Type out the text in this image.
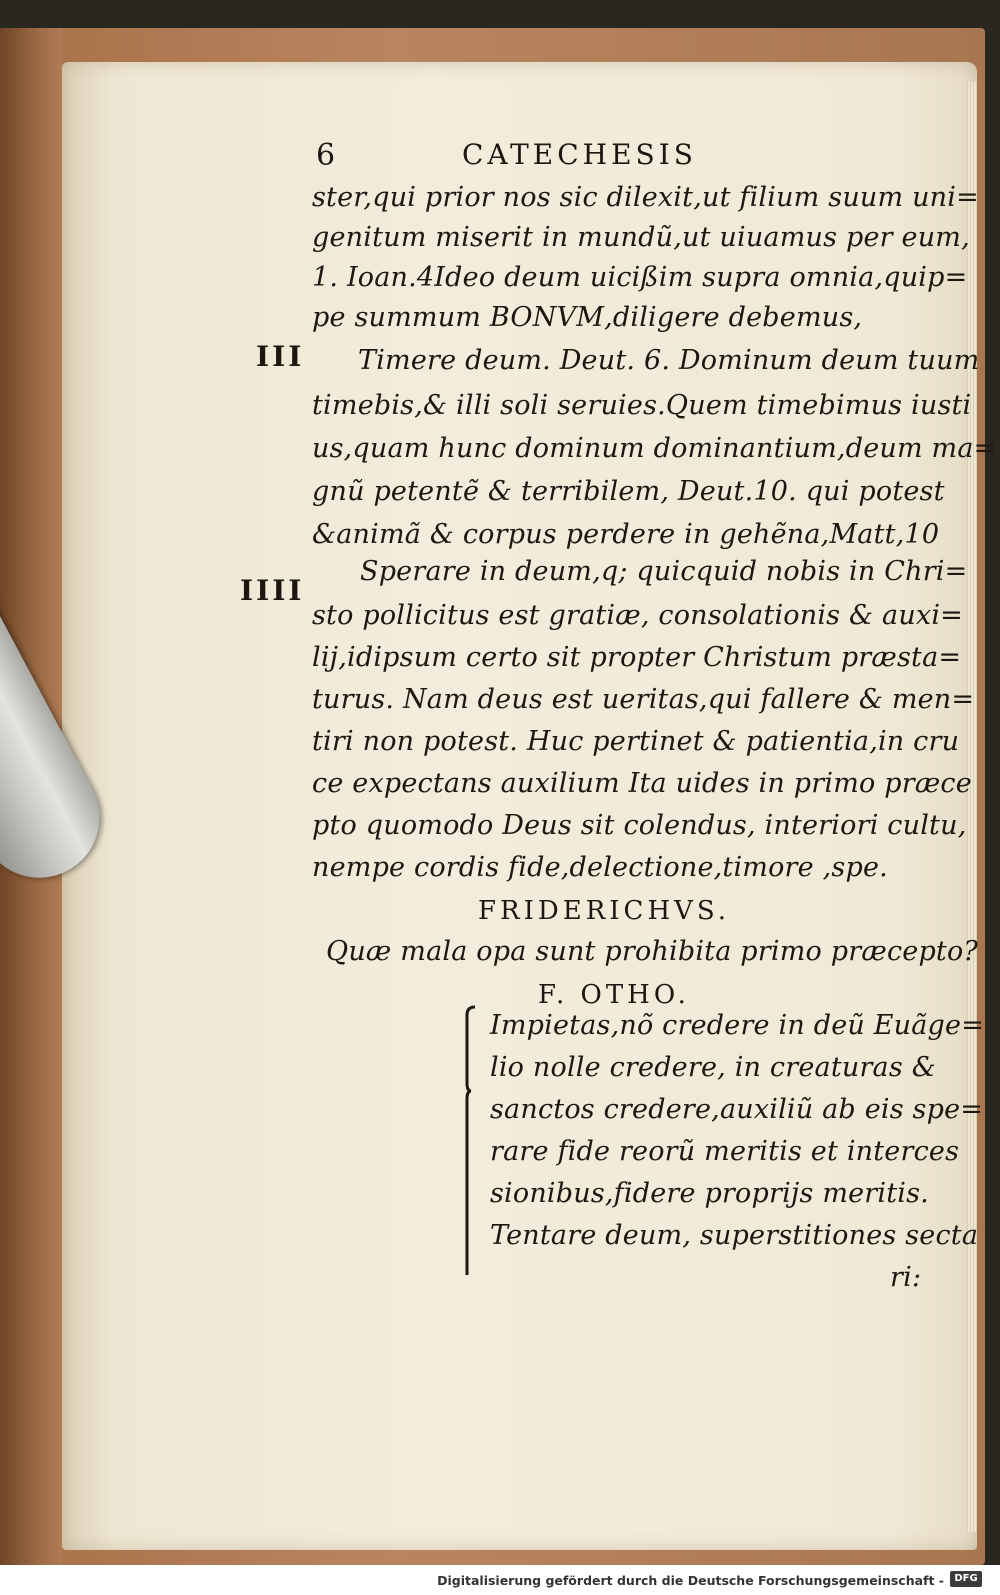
6	CATECHESIS
ster,qui prior nos sic dilexit,ut filium suum uni=
genitum miserit in mundũ,ut uiuamus per eum,
1. Ioan.4Ideo deum uicißim supra omnia,quip=
pe summum BONVM,diligere debemus,
III Timere deum. Deut. 6. Dominum deum tuum
timebis,& illi soli seruies.Quem timebimus iusti
us,quam hunc dominum dominantium,deum ma=
gnũ petentẽ & terribilem, Deut.10. qui potest
&animã & corpus perdere in gehẽna,Matt,10
IIII
Sperare in deum,q; quicquid nobis in Chri=
sto pollicitus est gratiæ, consolationis & auxi=
lij,idipsum certo sit propter Christum præsta=
turus. Nam deus est ueritas,qui fallere & men=
tiri non potest. Huc pertinet & patientia,in cru
ce expectans auxilium Ita uides in primo præce
pto quomodo Deus sit colendus, interiori cultu,
nempe cordis fide,delectione,timore ,spe.
FRIDERICHVS.
Quæ mala opa sunt prohibita primo præcepto?
F. OTHO.
Impietas,nõ credere in deũ Euãge=
lio nolle credere, in creaturas &
sanctos credere,auxiliũ ab eis spe=
rare fide reorũ meritis et interces
sionibus,fidere proprijs meritis.
Tentare deum, superstitiones secta
ri:
Digitalisierung gefördert durch die Deutsche Forschungsgemeinschaft -	DFG
